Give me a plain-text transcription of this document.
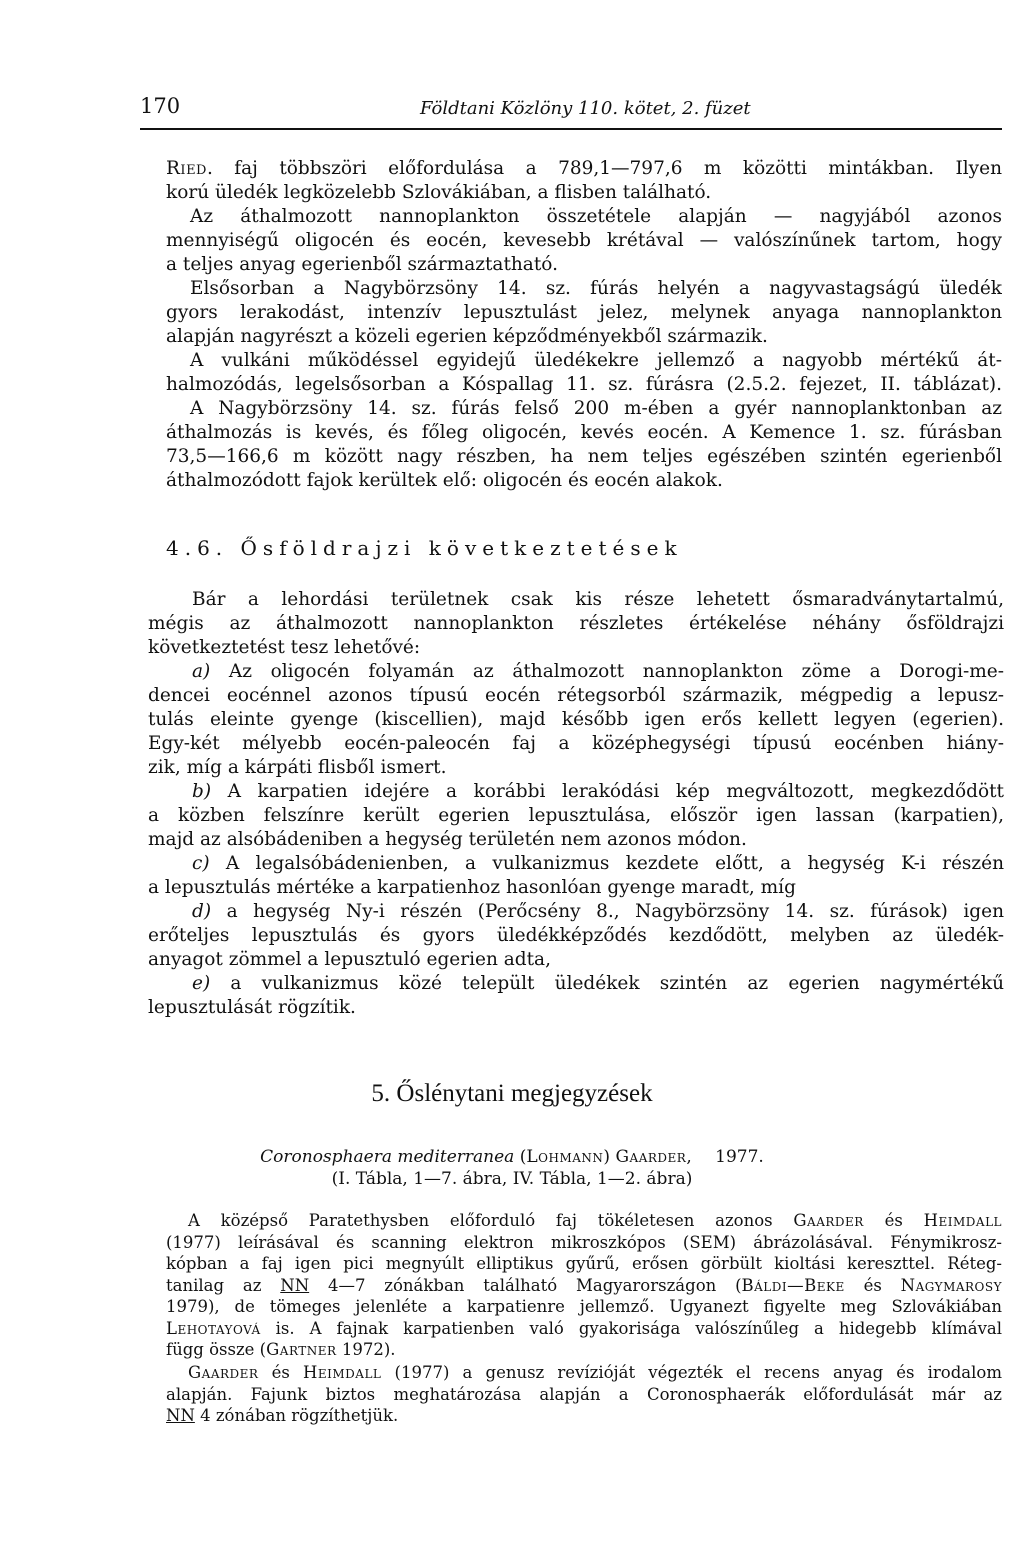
170	Földtani Közlöny 110. kötet, 2. füzet
Ried. faj többszöri előfordulása a 789,1—797,6 m közötti mintákban. Ilyen
korú üledék legközelebb Szlovákiában, a flisben található.
Az áthalmozott nannoplankton összetétele alapján — nagyjából azonos
mennyiségű oligocén és eocén, kevesebb krétával — valószínűnek tartom, hogy
a teljes anyag egerienből származtatható.
Elsősorban a Nagybörzsöny 14. sz. fúrás helyén a nagyvastagságú üledék
gyors lerakodást, intenzív lepusztulást jelez, melynek anyaga nannoplankton
alapján nagyrészt a közeli egerien képződményekből származik.
A vulkáni működéssel egyidejű üledékekre jellemző a nagyobb mértékű át-
halmozódás, legelsősorban a Kóspallag 11. sz. fúrásra (2.5.2. fejezet, II. táblázat).
A Nagybörzsöny 14. sz. fúrás felső 200 m-ében a gyér nannoplanktonban az
áthalmozás is kevés, és főleg oligocén, kevés eocén. A Kemence 1. sz. fúrásban
73,5—166,6 m között nagy részben, ha nem teljes egészében szintén egerienből
áthalmozódott fajok kerültek elő: oligocén és eocén alakok.
4.6. Ősföldrajzi következtetések
Bár a lehordási területnek csak kis része lehetett ősmaradványtartalmú,
mégis az áthalmozott nannoplankton részletes értékelése néhány ősföldrajzi
következtetést tesz lehetővé:
a) Az oligocén folyamán az áthalmozott nannoplankton zöme a Dorogi-me-
dencei eocénnel azonos típusú eocén rétegsorból származik, mégpedig a lepusz-
tulás eleinte gyenge (kiscellien), majd később igen erős kellett legyen (egerien).
Egy-két mélyebb eocén-paleocén faj a középhegységi típusú eocénben hiány-
zik, míg a kárpáti flisből ismert.
b) A karpatien idejére a korábbi lerakódási kép megváltozott, megkezdődött
a közben felszínre került egerien lepusztulása, először igen lassan (karpatien),
majd az alsóbádeniben a hegység területén nem azonos módon.
c) A legalsóbádenienben, a vulkanizmus kezdete előtt, a hegység K-i részén
a lepusztulás mértéke a karpatienhoz hasonlóan gyenge maradt, míg
d) a hegység Ny-i részén (Perőcsény 8., Nagybörzsöny 14. sz. fúrások) igen
erőteljes lepusztulás és gyors üledékképződés kezdődött, melyben az üledék-
anyagot zömmel a lepusztuló egerien adta,
e) a vulkanizmus közé települt üledékek szintén az egerien nagymértékű
lepusztulását rögzítik.
5. Őslénytani megjegyzések
Coronosphaera mediterranea (Lohmann) Gaarder, 1977.
(I. Tábla, 1—7. ábra, IV. Tábla, 1—2. ábra)
A középső Paratethysben előforduló faj tökéletesen azonos Gaarder és Heimdall
(1977) leírásával és scanning elektron mikroszkópos (SEM) ábrázolásával. Fénymikrosz-
kópban a faj igen pici megnyúlt elliptikus gyűrű, erősen görbült kioltási kereszttel. Réteg-
tanilag az NN 4—7 zónákban található Magyarországon (Báldi—Beke és Nagymarosy
1979), de tömeges jelenléte a karpatienre jellemző. Ugyanezt figyelte meg Szlovákiában
Lehotayová is. A fajnak karpatienben való gyakorisága valószínűleg a hidegebb klímával
függ össze (Gartner 1972).
Gaarder és Heimdall (1977) a genusz revízióját végezték el recens anyag és irodalom
alapján. Fajunk biztos meghatározása alapján a Coronosphaerák előfordulását már az
NN 4 zónában rögzíthetjük.
